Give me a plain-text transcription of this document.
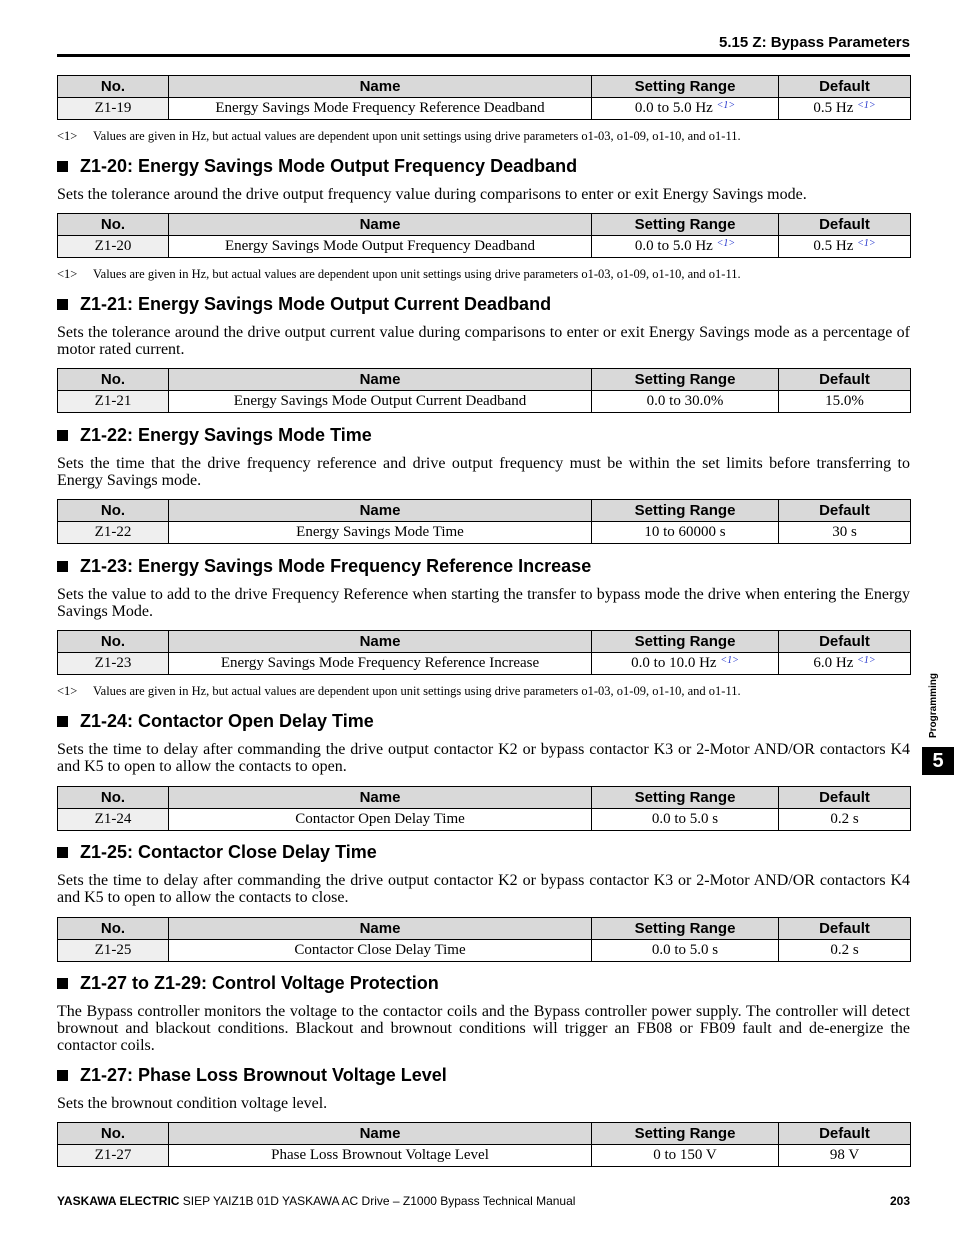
5.15 Z: Bypass Parameters
No.	Name	Setting Range	Default
Z1-19	Energy Savings Mode Frequency Reference Deadband	0.0 to 5.0 Hz $^{<1>}$	0.5 Hz $^{<1>}$
<1> Values are given in Hz, but actual values are dependent upon unit settings using drive parameters o1-03, o1-09, o1-10, and o1-11.
Z1-20: Energy Savings Mode Output Frequency Deadband

Sets the tolerance around the drive output frequency value during comparisons to enter or exit Energy Savings mode.

No.	Name	Setting Range	Default
Z1-20	Energy Savings Mode Output Frequency Deadband	0.0 to 5.0 Hz $^{<1>}$	0.5 Hz $^{<1>}$
<1> Values are given in Hz, but actual values are dependent upon unit settings using drive parameters o1-03, o1-09, o1-10, and o1-11.
Z1-21: Energy Savings Mode Output Current Deadband

Sets the tolerance around the drive output current value during comparisons to enter or exit Energy Savings mode as a percentage of motor rated current.

No.	Name	Setting Range	Default
Z1-21	Energy Savings Mode Output Current Deadband	0.0 to 30.0%	15.0%
Z1-22: Energy Savings Mode Time

Sets the time that the drive frequency reference and drive output frequency must be within the set limits before transferring to Energy Savings mode.

No.	Name	Setting Range	Default
Z1-22	Energy Savings Mode Time	10 to 60000 s	30 s
Z1-23: Energy Savings Mode Frequency Reference Increase

Sets the value to add to the drive Frequency Reference when starting the transfer to bypass mode the drive when entering the Energy Savings Mode.

No.	Name	Setting Range	Default
Z1-23	Energy Savings Mode Frequency Reference Increase	0.0 to 10.0 Hz $^{<1>}$	6.0 Hz $^{<1>}$
<1> Values are given in Hz, but actual values are dependent upon unit settings using drive parameters o1-03, o1-09, o1-10, and o1-11.
Z1-24: Contactor Open Delay Time

Sets the time to delay after commanding the drive output contactor K2 or bypass contactor K3 or 2-Motor AND/OR contactors K4 and K5 to open to allow the contacts to open.

No.	Name	Setting Range	Default
Z1-24	Contactor Open Delay Time	0.0 to 5.0 s	0.2 s
Z1-25: Contactor Close Delay Time

Sets the time to delay after commanding the drive output contactor K2 or bypass contactor K3 or 2-Motor AND/OR contactors K4 and K5 to open to allow the contacts to close.

No.	Name	Setting Range	Default
Z1-25	Contactor Close Delay Time	0.0 to 5.0 s	0.2 s
Z1-27 to Z1-29: Control Voltage Protection

The Bypass controller monitors the voltage to the contactor coils and the Bypass controller power supply. The controller will detect brownout and blackout conditions. Blackout and brownout conditions will trigger an FB08 or FB09 fault and de-energize the contactor coils.

Z1-27: Phase Loss Brownout Voltage Level

Sets the brownout condition voltage level.

No.	Name	Setting Range	Default
Z1-27	Phase Loss Brownout Voltage Level	0 to 150 V	98 V
Programming
5
YASKAWA ELECTRIC SIEP YAIZ1B 01D YASKAWA AC Drive – Z1000 Bypass Technical Manual	203
